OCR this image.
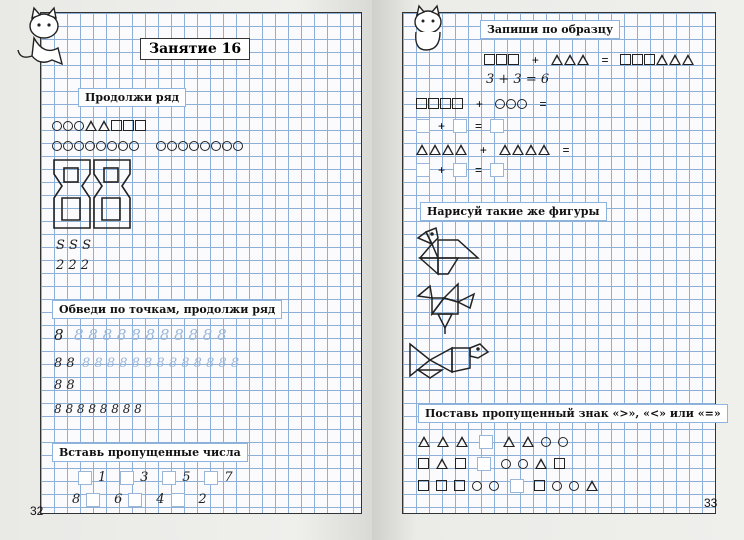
Занятие 16
Продолжи ряд

S S S
2 2 2
Обведи по точкам, продолжи ряд
8 8 8 8 8 8 8 8 8 8 8 8
8 8 8 8 8 8 8 8 8 8 8 8 8 8 8
8 8
8 8 8 8 8 8 8 8
Вставь пропущенные числа
1	3	5	7
8	6	4	2
32
Запиши по образцу
+	=
3 + 3 = 6
+	=
+	=
+	=
+	=
Нарисуй такие же фигуры
Поставь пропущенный знак «>», «<» или «=»

33
